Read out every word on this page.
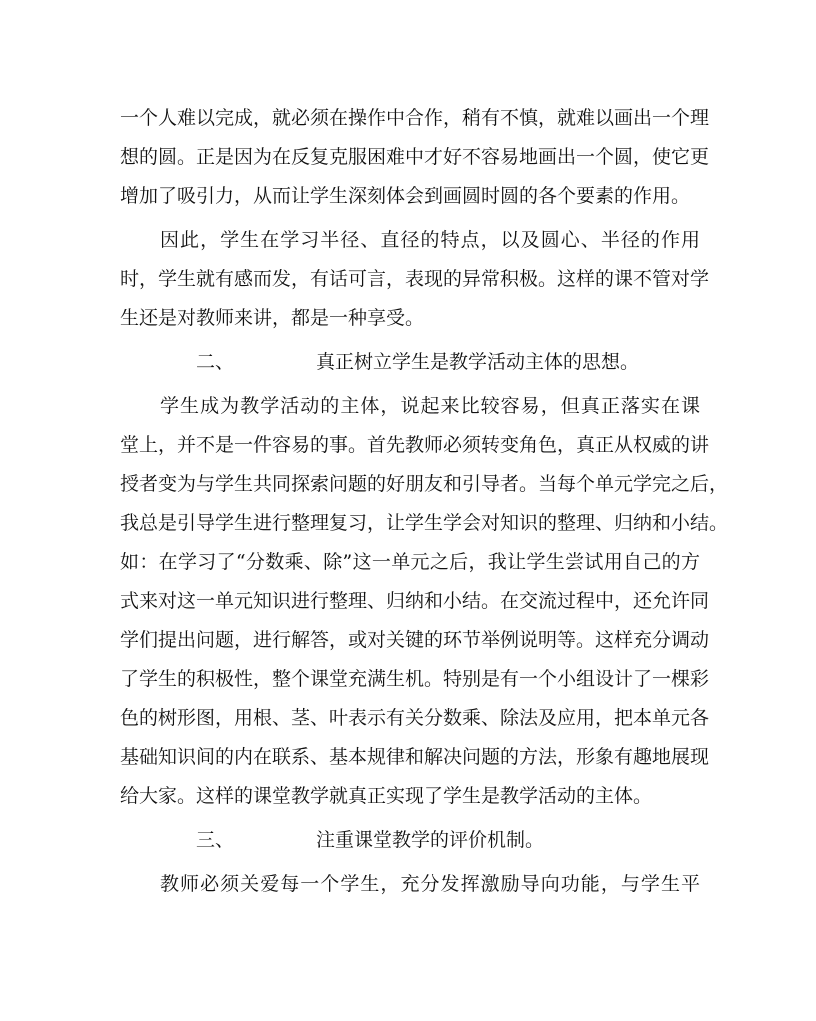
一个人难以完成，就必须在操作中合作，稍有不慎，就难以画出一个理
想的圆。正是因为在反复克服困难中才好不容易地画出一个圆，使它更
增加了吸引力，从而让学生深刻体会到画圆时圆的各个要素的作用。
因此，学生在学习半径、直径的特点，以及圆心、半径的作用
时，学生就有感而发，有话可言，表现的异常积极。这样的课不管对学
生还是对教师来讲，都是一种享受。
二、	真正树立学生是教学活动主体的思想。
学生成为教学活动的主体，说起来比较容易，但真正落实在课
堂上，并不是一件容易的事。首先教师必须转变角色，真正从权威的讲
授者变为与学生共同探索问题的好朋友和引导者。当每个单元学完之后，
我总是引导学生进行整理复习，让学生学会对知识的整理、归纳和小结。
如：在学习了“分数乘、除”这一单元之后，我让学生尝试用自己的方
式来对这一单元知识进行整理、归纳和小结。在交流过程中，还允许同
学们提出问题，进行解答，或对关键的环节举例说明等。这样充分调动
了学生的积极性，整个课堂充满生机。特别是有一个小组设计了一棵彩
色的树形图，用根、茎、叶表示有关分数乘、除法及应用，把本单元各
基础知识间的内在联系、基本规律和解决问题的方法，形象有趣地展现
给大家。这样的课堂教学就真正实现了学生是教学活动的主体。
三、	注重课堂教学的评价机制。
教师必须关爱每一个学生，充分发挥激励导向功能，与学生平
